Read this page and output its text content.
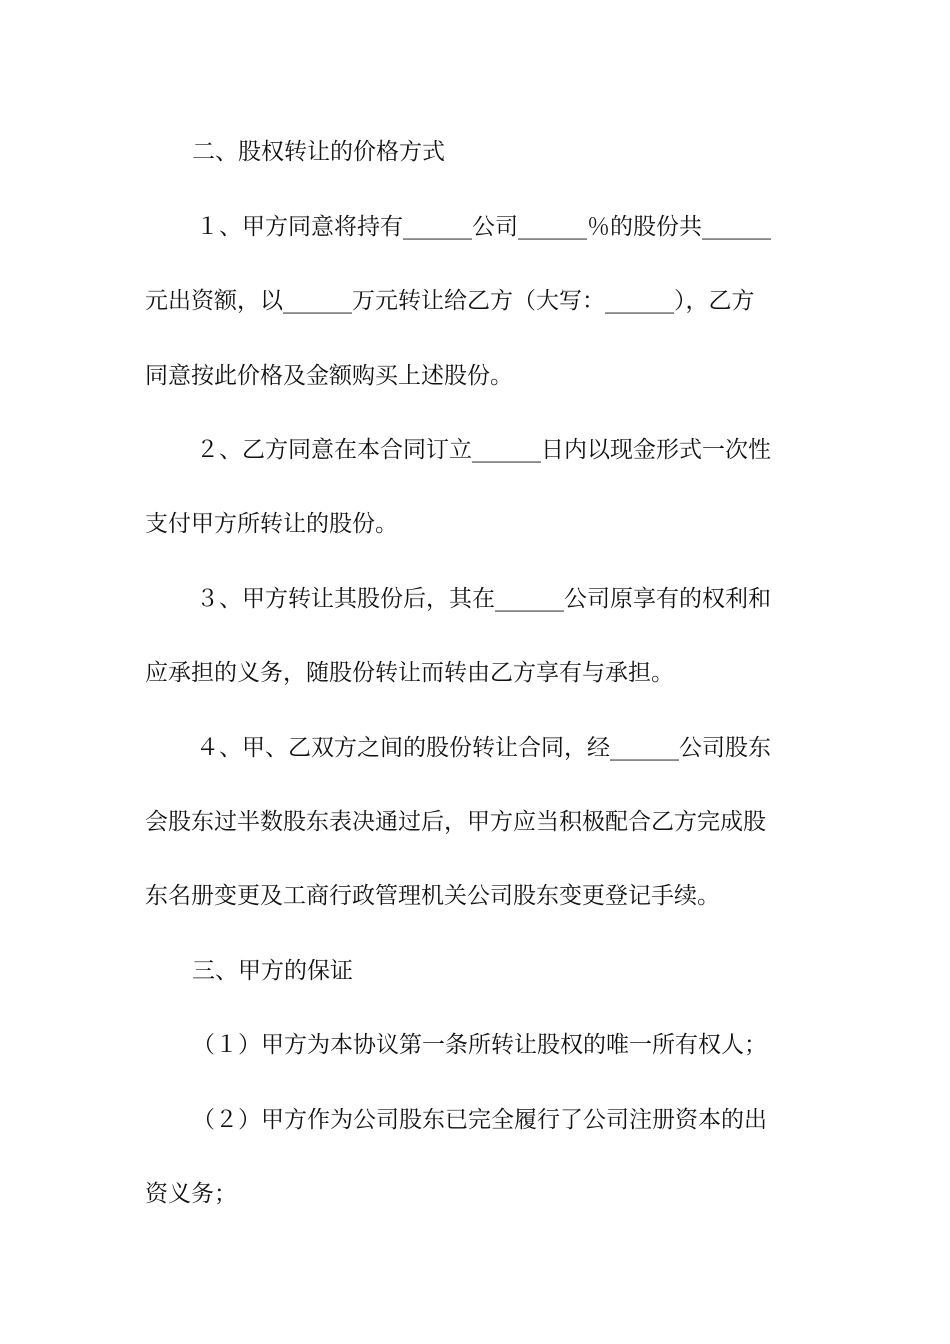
二、股权转让的价格方式
１、甲方同意将持有______公司______％的股份共______
元出资额，以______万元转让给乙方（大写：______），乙方
同意按此价格及金额购买上述股份。
２、乙方同意在本合同订立______日内以现金形式一次性
支付甲方所转让的股份。
３、甲方转让其股份后，其在______公司原享有的权利和
应承担的义务，随股份转让而转由乙方享有与承担。
４、甲、乙双方之间的股份转让合同，经______公司股东
会股东过半数股东表决通过后，甲方应当积极配合乙方完成股
东名册变更及工商行政管理机关公司股东变更登记手续。
三、甲方的保证
（１）甲方为本协议第一条所转让股权的唯一所有权人；
（２）甲方作为公司股东已完全履行了公司注册资本的出
资义务；
